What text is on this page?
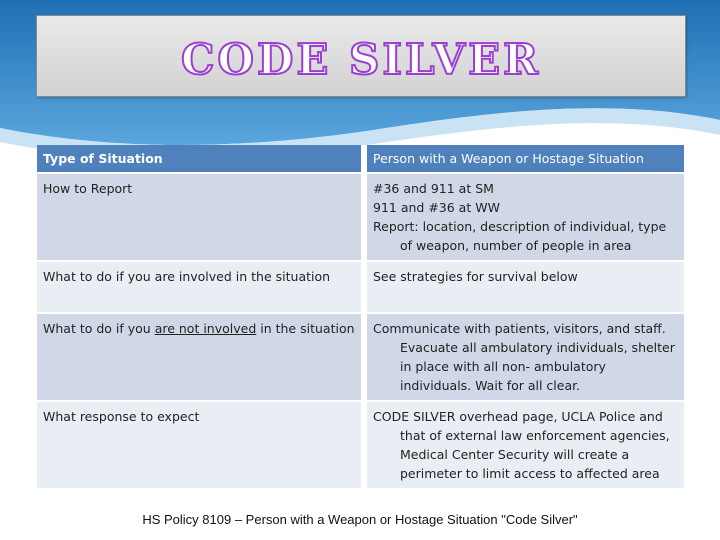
CODE SILVER
Type of Situation	Person with a Weapon or Hostage Situation
How to Report	#36 and 911 at SM
911 and #36 at WW
Report: location, description of individual, type of weapon, number of people in area

What to do if you are involved in the situation	See strategies for survival below
What to do if you are not involved in the situation	Communicate with patients, visitors, and staff. Evacuate all ambulatory individuals, shelter in place with all non- ambulatory individuals. Wait for all clear.

What response to expect	CODE SILVER overhead page, UCLA Police and that of external law enforcement agencies, Medical Center Security will create a perimeter to limit access to affected area
HS Policy 8109 – Person with a Weapon or Hostage Situation "Code Silver"
